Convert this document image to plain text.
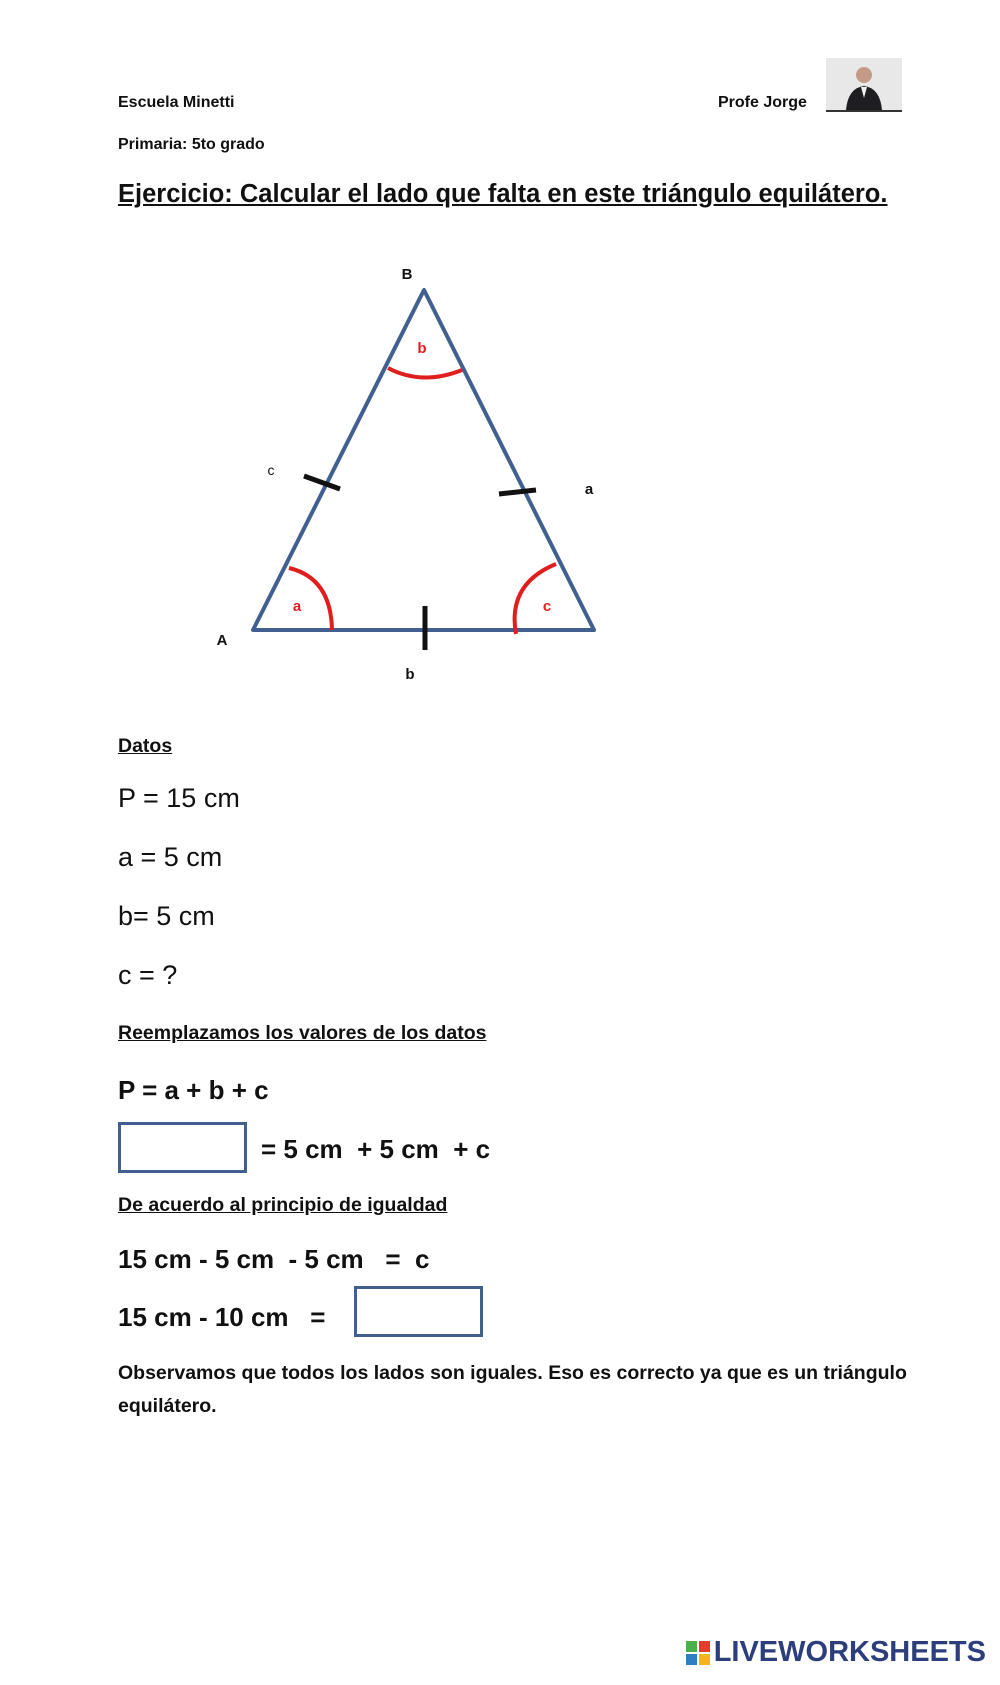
Escuela Minetti	Profe Jorge
Primaria: 5to grado
Ejercicio: Calcular el lado que falta en este triángulo equilátero.
B
A
c
a
b
b
a	c
Datos
P = 15 cm
a = 5 cm
b= 5 cm
c = ?
Reemplazamos los valores de los datos
P = a + b + c
= 5 cm  + 5 cm  + c
De acuerdo al principio de igualdad
15 cm - 5 cm  - 5 cm   =  c
15 cm - 10 cm   =
Observamos que todos los lados son iguales. Eso es correcto ya que es un triángulo equilátero.
LIVEWORKSHEETS
